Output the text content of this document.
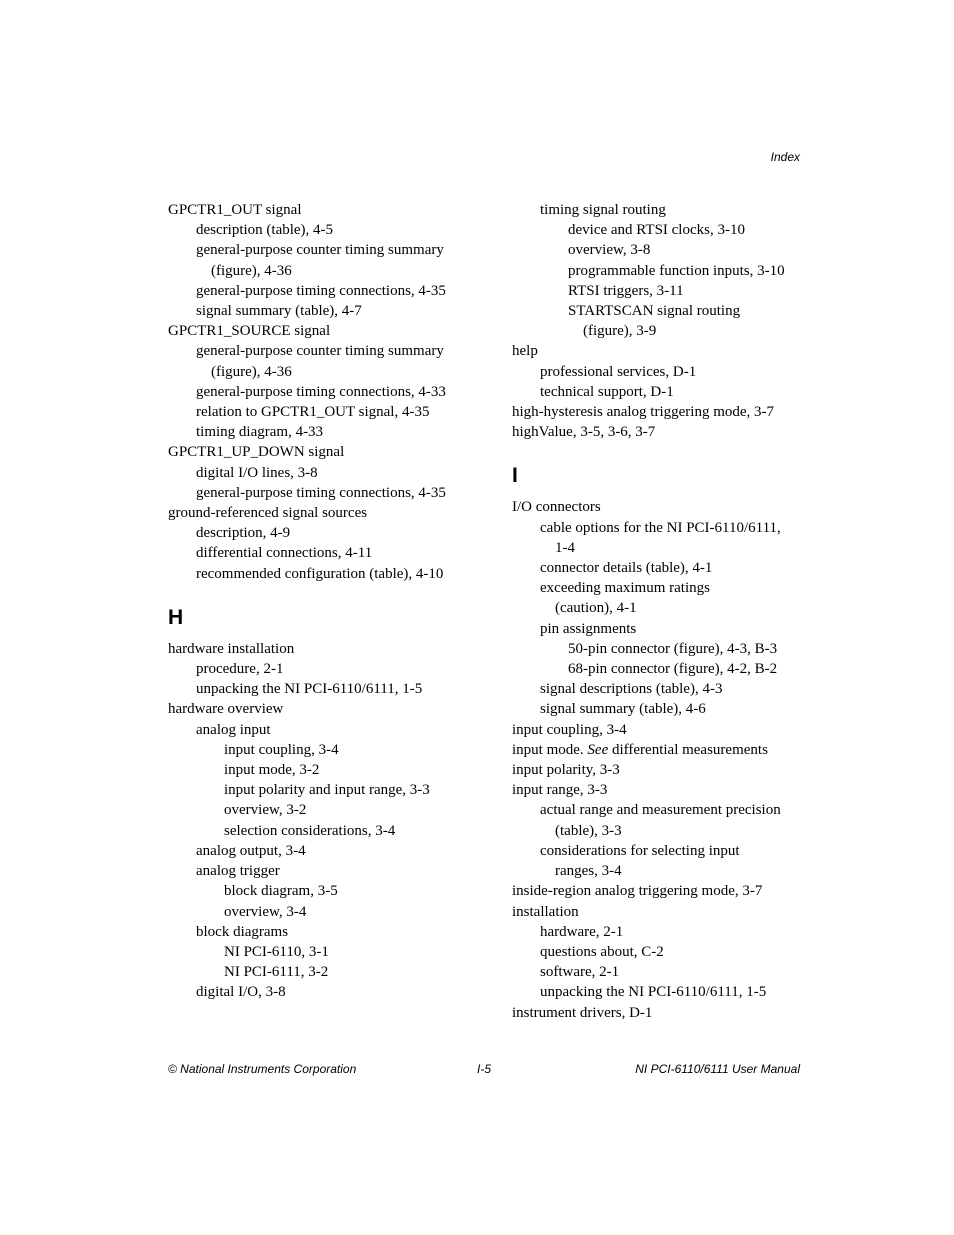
Index
GPCTR1_OUT signal
description (table), 4-5
general-purpose counter timing summary
(figure), 4-36
general-purpose timing connections, 4-35
signal summary (table), 4-7
GPCTR1_SOURCE signal
general-purpose counter timing summary
(figure), 4-36
general-purpose timing connections, 4-33
relation to GPCTR1_OUT signal, 4-35
timing diagram, 4-33
GPCTR1_UP_DOWN signal
digital I/O lines, 3-8
general-purpose timing connections, 4-35
ground-referenced signal sources
description, 4-9
differential connections, 4-11
recommended configuration (table), 4-10
H
hardware installation
procedure, 2-1
unpacking the NI PCI-6110/6111, 1-5
hardware overview
analog input
input coupling, 3-4
input mode, 3-2
input polarity and input range, 3-3
overview, 3-2
selection considerations, 3-4
analog output, 3-4
analog trigger
block diagram, 3-5
overview, 3-4
block diagrams
NI PCI-6110, 3-1
NI PCI-6111, 3-2
digital I/O, 3-8
timing signal routing
device and RTSI clocks, 3-10
overview, 3-8
programmable function inputs, 3-10
RTSI triggers, 3-11
STARTSCAN signal routing
(figure), 3-9
help
professional services, D-1
technical support, D-1
high-hysteresis analog triggering mode, 3-7
highValue, 3-5, 3-6, 3-7
I
I/O connectors
cable options for the NI PCI-6110/6111,
1-4
connector details (table), 4-1
exceeding maximum ratings
(caution), 4-1
pin assignments
50-pin connector (figure), 4-3, B-3
68-pin connector (figure), 4-2, B-2
signal descriptions (table), 4-3
signal summary (table), 4-6
input coupling, 3-4
input mode. See differential measurements
input polarity, 3-3
input range, 3-3
actual range and measurement precision
(table), 3-3
considerations for selecting input
ranges, 3-4
inside-region analog triggering mode, 3-7
installation
hardware, 2-1
questions about, C-2
software, 2-1
unpacking the NI PCI-6110/6111, 1-5
instrument drivers, D-1
© National Instruments Corporation	I-5	NI PCI-6110/6111 User Manual
